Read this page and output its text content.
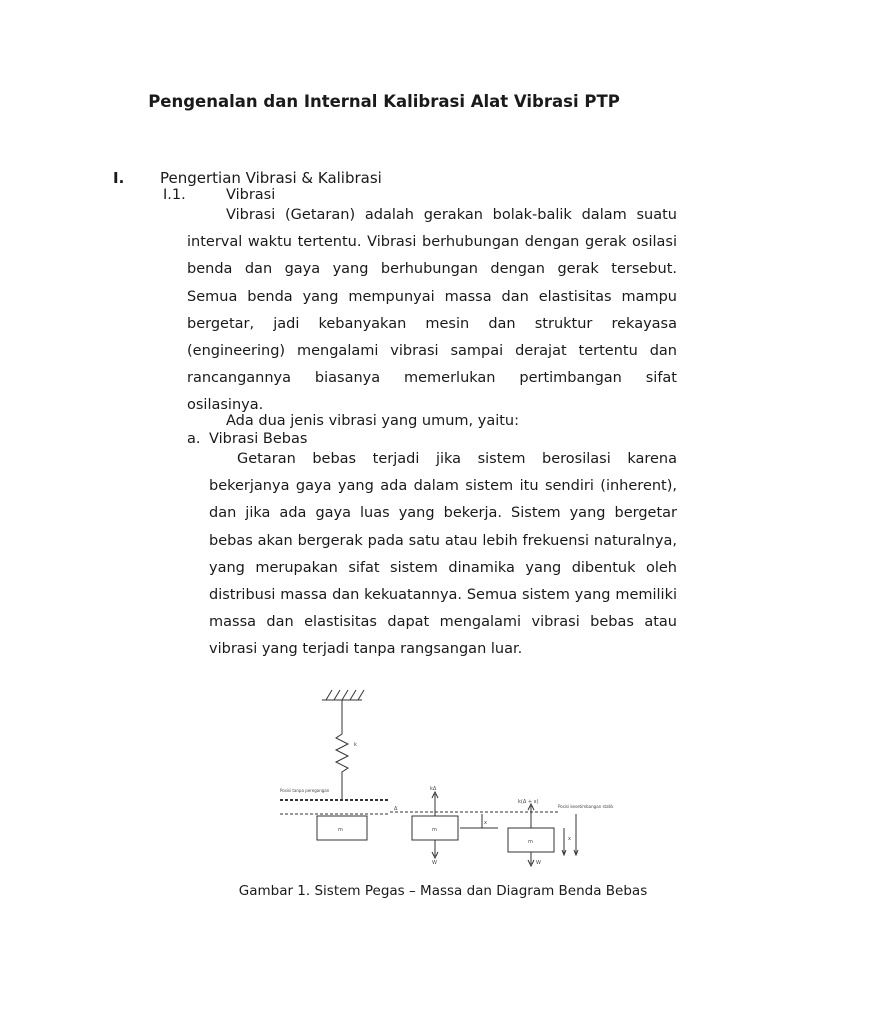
Pengenalan dan Internal Kalibrasi Alat Vibrasi PTP
I. Pengertian Vibrasi & Kalibrasi
I.1.	Vibrasi

Vibrasi (Getaran) adalah gerakan bolak-balik dalam suatu interval waktu tertentu. Vibrasi berhubungan dengan gerak osilasi benda dan gaya yang berhubungan dengan gerak tersebut. Semua benda yang mempunyai massa dan elastisitas mampu bergetar, jadi kebanyakan mesin dan struktur rekayasa (engineering) mengalami vibrasi sampai derajat tertentu dan rancangannya biasanya memerlukan pertimbangan sifat osilasinya.

Ada dua jenis vibrasi yang umum, yaitu:
a. Vibrasi Bebas

Getaran bebas terjadi jika sistem berosilasi karena bekerjanya gaya yang ada dalam sistem itu sendiri (inherent), dan jika ada gaya luas yang bekerja. Sistem yang bergetar bebas akan bergerak pada satu atau lebih frekuensi naturalnya, yang merupakan sifat sistem dinamika yang dibentuk oleh distribusi massa dan kekuatannya. Semua sistem yang memiliki massa dan elastisitas dapat mengalami vibrasi bebas atau vibrasi yang terjadi tanpa rangsangan luar.

k
m	m
m
Posisi tanpa peregangan
Posisi kesetimbangan statik
Δ
kΔ
k(Δ + x)
W	W
x
x
Gambar 1. Sistem Pegas – Massa dan Diagram Benda Bebas
